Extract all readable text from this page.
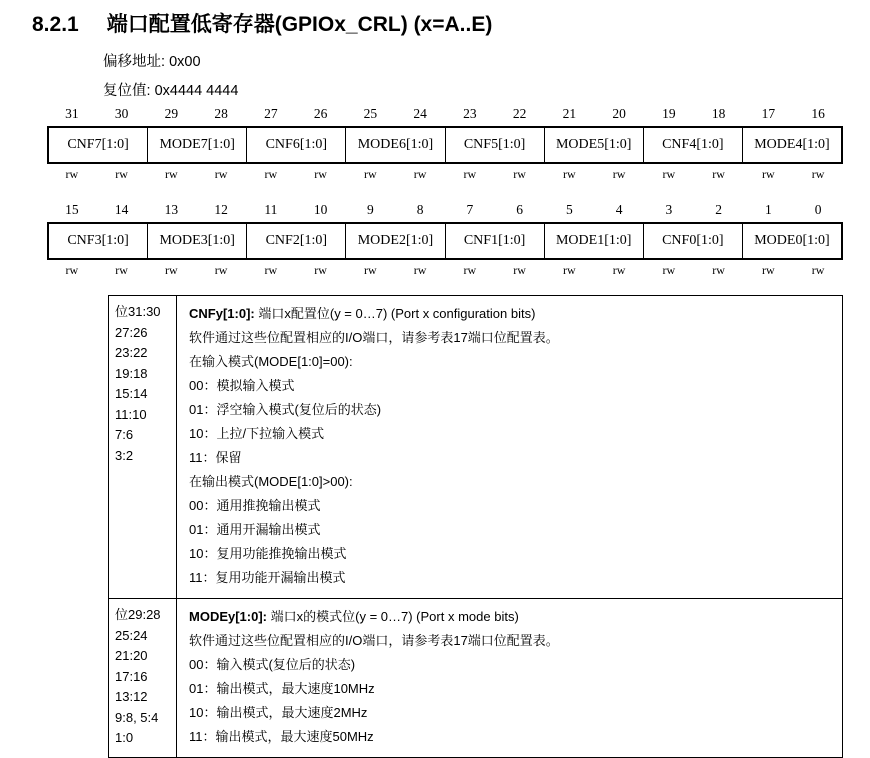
8.2.1 端口配置低寄存器(GPIOx_CRL) (x=A..E)
偏移地址: 0x00
复位值: 0x4444 4444
31	30	29	28	27	26	25	24	23	22	21	20	19	18	17	16
CNF7[1:0]	MODE7[1:0]	CNF6[1:0]	MODE6[1:0]	CNF5[1:0]	MODE5[1:0]	CNF4[1:0]	MODE4[1:0]
rw	rw	rw	rw	rw	rw	rw	rw	rw	rw	rw	rw	rw	rw	rw	rw
15	14	13	12	11	10	9	8	7	6	5	4	3	2	1	0
CNF3[1:0]	MODE3[1:0]	CNF2[1:0]	MODE2[1:0]	CNF1[1:0]	MODE1[1:0]	CNF0[1:0]	MODE0[1:0]
rw	rw	rw	rw	rw	rw	rw	rw	rw	rw	rw	rw	rw	rw	rw	rw
位31:30
27:26
23:22
19:18
15:14
11:10
7:6
3:2
CNFy[1:0]: 端口x配置位(y = 0…7) (Port x configuration bits)
软件通过这些位配置相应的I/O端口，请参考表17端口位配置表。
在输入模式(MODE[1:0]=00):
00：模拟输入模式
01：浮空输入模式(复位后的状态)
10：上拉/下拉输入模式
11：保留
在输出模式(MODE[1:0]>00):
00：通用推挽输出模式
01：通用开漏输出模式
10：复用功能推挽输出模式
11：复用功能开漏输出模式
位29:28
25:24
21:20
17:16
13:12
9:8, 5:4
1:0
MODEy[1:0]: 端口x的模式位(y = 0…7) (Port x mode bits)
软件通过这些位配置相应的I/O端口，请参考表17端口位配置表。
00：输入模式(复位后的状态)
01：输出模式，最大速度10MHz
10：输出模式，最大速度2MHz
11：输出模式，最大速度50MHz
